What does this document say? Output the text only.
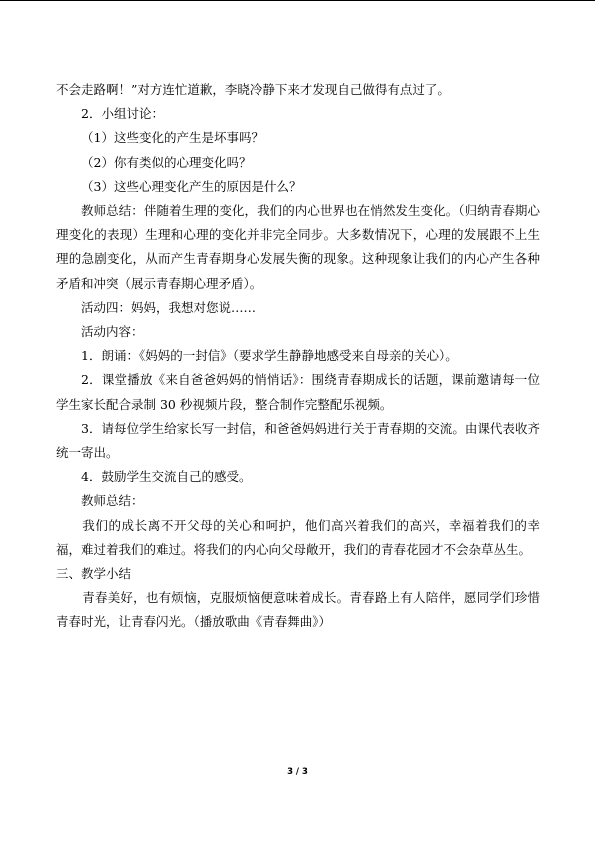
不会走路啊！”对方连忙道歉，李晓冷静下来才发现自己做得有点过了。

2．小组讨论：

（1）这些变化的产生是坏事吗？

（2）你有类似的心理变化吗？

（3）这些心理变化产生的原因是什么？

教师总结：伴随着生理的变化，我们的内心世界也在悄然发生变化。（归纳青春期心理变化的表现）生理和心理的变化并非完全同步。大多数情况下，心理的发展跟不上生理的急剧变化，从而产生青春期身心发展失衡的现象。这种现象让我们的内心产生各种矛盾和冲突（展示青春期心理矛盾）。

活动四：妈妈，我想对您说……

活动内容：

1．朗诵：《妈妈的一封信》（要求学生静静地感受来自母亲的关心）。

2．课堂播放《来自爸爸妈妈的悄悄话》：围绕青春期成长的话题，课前邀请每一位学生家长配合录制 30 秒视频片段，整合制作完整配乐视频。

3．请每位学生给家长写一封信，和爸爸妈妈进行关于青春期的交流。由课代表收齐统一寄出。

4．鼓励学生交流自己的感受。

教师总结：

我们的成长离不开父母的关心和呵护，他们高兴着我们的高兴，幸福着我们的幸福，难过着我们的难过。将我们的内心向父母敞开，我们的青春花园才不会杂草丛生。

三、教学小结

青春美好，也有烦恼，克服烦恼便意味着成长。青春路上有人陪伴，愿同学们珍惜青春时光，让青春闪光。（播放歌曲《青春舞曲》）

3 / 3
